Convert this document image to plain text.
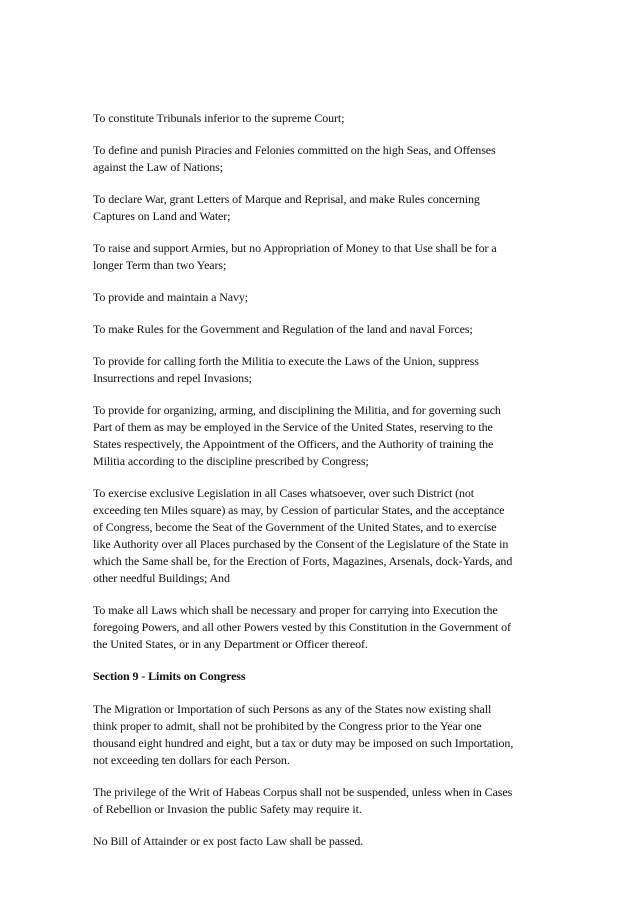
To constitute Tribunals inferior to the supreme Court;

To define and punish Piracies and Felonies committed on the high Seas, and Offenses
against the Law of Nations;

To declare War, grant Letters of Marque and Reprisal, and make Rules concerning
Captures on Land and Water;

To raise and support Armies, but no Appropriation of Money to that Use shall be for a
longer Term than two Years;

To provide and maintain a Navy;

To make Rules for the Government and Regulation of the land and naval Forces;

To provide for calling forth the Militia to execute the Laws of the Union, suppress
Insurrections and repel Invasions;

To provide for organizing, arming, and disciplining the Militia, and for governing such
Part of them as may be employed in the Service of the United States, reserving to the
States respectively, the Appointment of the Officers, and the Authority of training the
Militia according to the discipline prescribed by Congress;

To exercise exclusive Legislation in all Cases whatsoever, over such District (not
exceeding ten Miles square) as may, by Cession of particular States, and the acceptance
of Congress, become the Seat of the Government of the United States, and to exercise
like Authority over all Places purchased by the Consent of the Legislature of the State in
which the Same shall be, for the Erection of Forts, Magazines, Arsenals, dock-Yards, and
other needful Buildings; And

To make all Laws which shall be necessary and proper for carrying into Execution the
foregoing Powers, and all other Powers vested by this Constitution in the Government of
the United States, or in any Department or Officer thereof.

Section 9 - Limits on Congress

The Migration or Importation of such Persons as any of the States now existing shall
think proper to admit, shall not be prohibited by the Congress prior to the Year one
thousand eight hundred and eight, but a tax or duty may be imposed on such Importation,
not exceeding ten dollars for each Person.

The privilege of the Writ of Habeas Corpus shall not be suspended, unless when in Cases
of Rebellion or Invasion the public Safety may require it.

No Bill of Attainder or ex post facto Law shall be passed.
